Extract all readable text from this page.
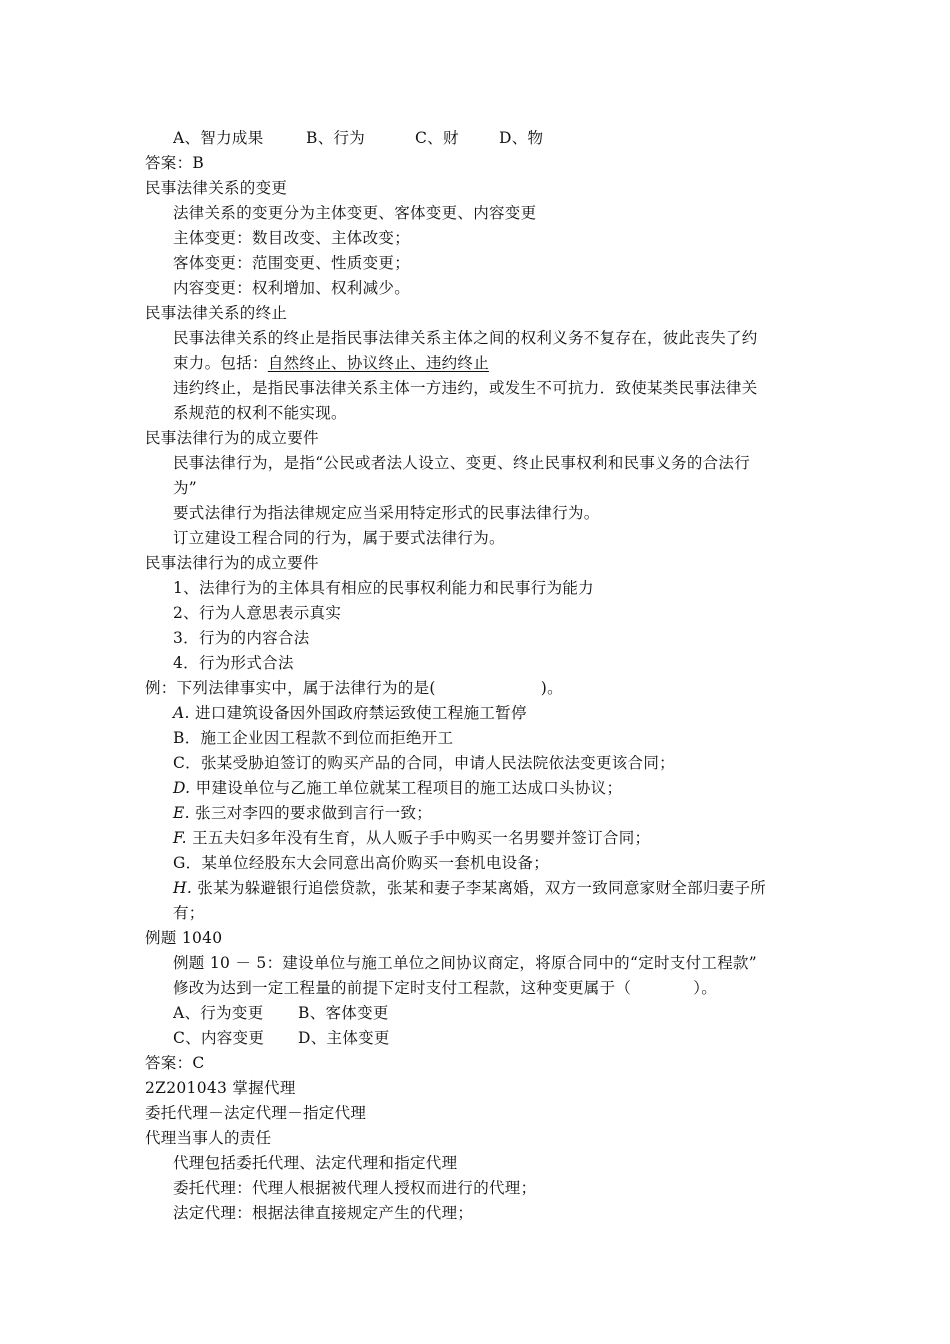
A、智力成果	B、行为	C、财	D、物
答案：B
民事法律关系的变更
法律关系的变更分为主体变更、客体变更、内容变更
主体变更：数目改变、主体改变；
客体变更：范围变更、性质变更；
内容变更：权利增加、权利减少。
民事法律关系的终止
民事法律关系的终止是指民事法律关系主体之间的权利义务不复存在，彼此丧失了约
束力。包括：自然终止、协议终止、违约终止
违约终止，是指民事法律关系主体一方违约，或发生不可抗力．致使某类民事法律关
系规范的权利不能实现。
民事法律行为的成立要件
民事法律行为，是指“公民或者法人设立、变更、终止民事权利和民事义务的合法行
为”
要式法律行为指法律规定应当采用特定形式的民事法律行为。
订立建设工程合同的行为，属于要式法律行为。
民事法律行为的成立要件
1、法律行为的主体具有相应的民事权利能力和民事行为能力
2、行为人意思表示真实
3．行为的内容合法
4．行为形式合法
例：下列法律事实中，属于法律行为的是(	)。
A. 进口建筑设备因外国政府禁运致使工程施工暂停
B．施工企业因工程款不到位而拒绝开工
C．张某受胁迫签订的购买产品的合同，申请人民法院依法变更该合同；
D. 甲建设单位与乙施工单位就某工程项目的施工达成口头协议；
E. 张三对李四的要求做到言行一致；
F. 王五夫妇多年没有生育，从人贩子手中购买一名男婴并签订合同；
G．某单位经股东大会同意出高价购买一套机电设备；
H. 张某为躲避银行追偿贷款，张某和妻子李某离婚，双方一致同意家财全部归妻子所
有；
例题 1040
例题 10 － 5：建设单位与施工单位之间协议商定，将原合同中的“定时支付工程款”
修改为达到一定工程量的前提下定时支付工程款，这种变更属于（	）。
A、行为变更 B、客体变更
C、内容变更 D、主体变更
答案：C
2Z201043 掌握代理
委托代理－法定代理－指定代理
代理当事人的责任
代理包括委托代理、法定代理和指定代理
委托代理：代理人根据被代理人授权而进行的代理；
法定代理：根据法律直接规定产生的代理；
